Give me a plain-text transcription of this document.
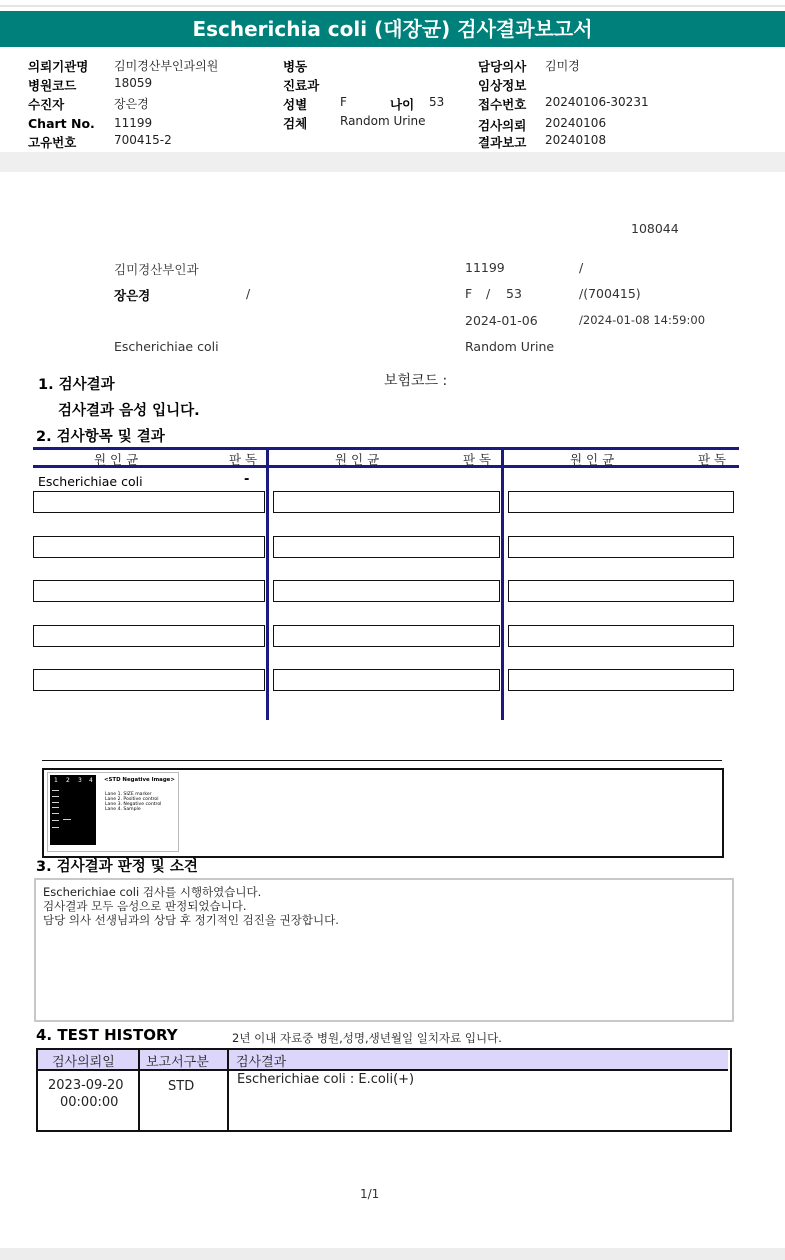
Escherichia coli (대장균) 검사결과보고서
의뢰기관명 김미경산부인과의원
병원코드	18059
수진자	장은경
Chart No. 11199
고유번호	700415-2
병동
진료과
성별	F	나이 53
검체	Random Urine
담당의사 김미경
임상정보
접수번호 20240106-30231
검사의뢰 20240106
결과보고 20240108
108044
김미경산부인과	11199	/
장은경	/	F / 53	/(700415)
2024-01-06	/2024-01-08 14:59:00
Escherichiae coli	Random Urine
1. 검사결과	보험코드 :
검사결과 음성 입니다.
2. 검사항목 및 결과
원 인 균	판 독	원 인 균	판 독	원 인 균	판 독
Escherichiae coli	-
1 2 3 4 <STD Negative Image>
Lane 1. SIZE marker
Lane 2. Positive control
Lane 3. Negative control
Lane 4. Sample
3. 검사결과 판정 및 소견
Escherichiae coli 검사를 시행하였습니다.
검사결과 모두 음성으로 판정되었습니다.
담당 의사 선생님과의 상담 후 정기적인 검진을 권장합니다.
4. TEST HISTORY	2년 이내 자료중 병원,성명,생년월일 일치자료 입니다.
검사의뢰일 보고서구분 검사결과
2023-09-20
00:00:00
STD	Escherichiae coli : E.coli(+)
1/1
